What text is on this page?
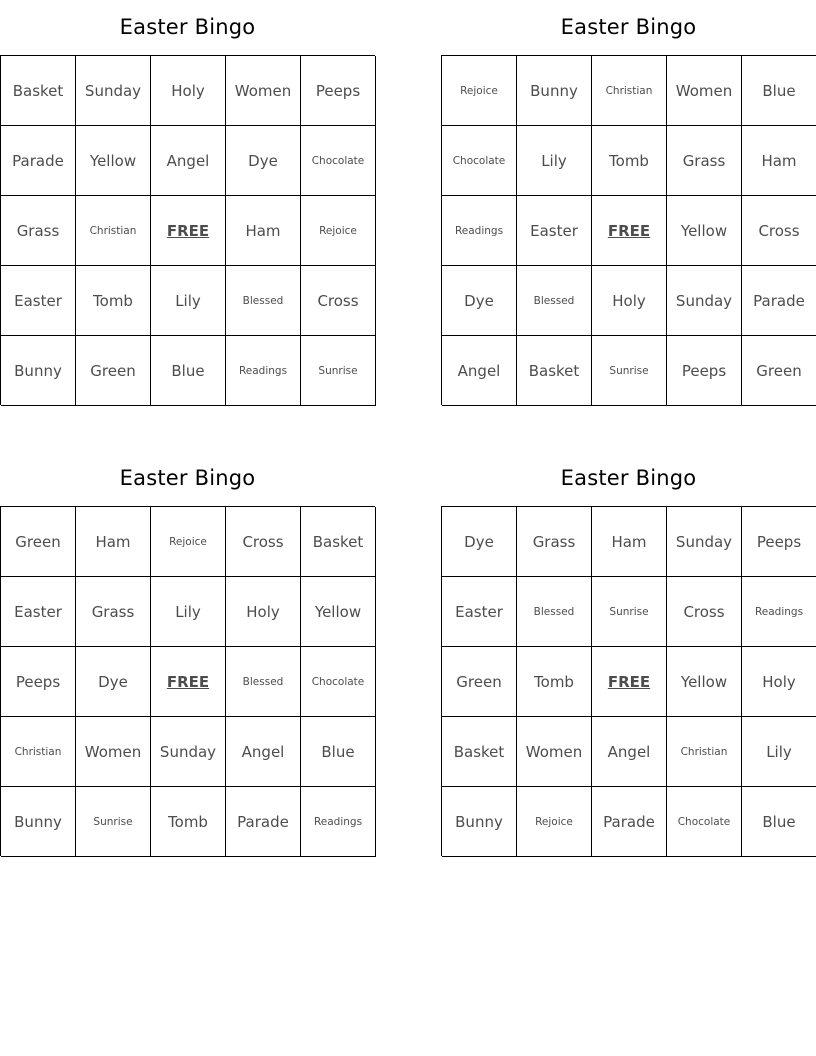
Easter Bingo
Basket	Sunday	Holy	Women	Peeps
Parade	Yellow	Angel	Dye	Chocolate
Grass	Christian	FREE	Ham	Rejoice
Easter	Tomb	Lily	Blessed	Cross
Bunny	Green	Blue	Readings	Sunrise
Easter Bingo
Rejoice	Bunny	Christian	Women	Blue
Chocolate	Lily	Tomb	Grass	Ham
Readings	Easter	FREE	Yellow	Cross
Dye	Blessed	Holy	Sunday	Parade
Angel	Basket	Sunrise	Peeps	Green
Easter Bingo
Green	Ham	Rejoice	Cross	Basket
Easter	Grass	Lily	Holy	Yellow
Peeps	Dye	FREE	Blessed	Chocolate
Christian	Women	Sunday	Angel	Blue
Bunny	Sunrise	Tomb	Parade	Readings
Easter Bingo
Dye	Grass	Ham	Sunday	Peeps
Easter	Blessed	Sunrise	Cross	Readings
Green	Tomb	FREE	Yellow	Holy
Basket	Women	Angel	Christian	Lily
Bunny	Rejoice	Parade	Chocolate	Blue
